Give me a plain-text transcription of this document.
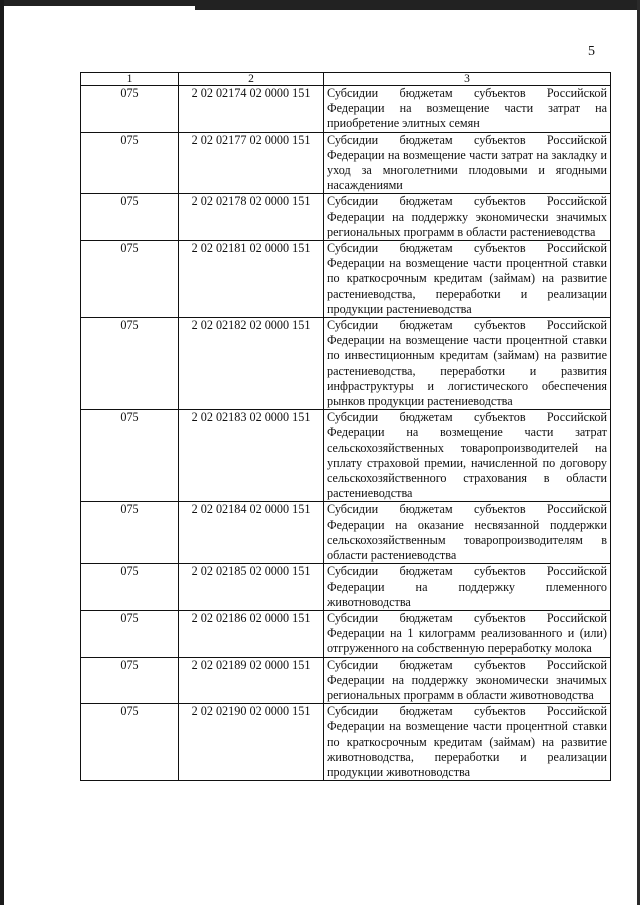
5
1	2	3
075	2 02 02174 02 0000 151	Субсидии бюджетам субъектов Российской Федерации на возмещение части затрат на приобретение элитных семян
075	2 02 02177 02 0000 151	Субсидии бюджетам субъектов Российской Федерации на возмещение части затрат на закладку и уход за многолетними плодовыми и ягодными насаждениями
075	2 02 02178 02 0000 151	Субсидии бюджетам субъектов Российской Федерации на поддержку экономически значимых региональных программ в области растениеводства
075	2 02 02181 02 0000 151	Субсидии бюджетам субъектов Российской Федерации на возмещение части процентной ставки по краткосрочным кредитам (займам) на развитие растениеводства, переработки и реализации продукции растениеводства
075	2 02 02182 02 0000 151	Субсидии бюджетам субъектов Российской Федерации на возмещение части процентной ставки по инвестиционным кредитам (займам) на развитие растениеводства, переработки и развития инфраструктуры и логистического обеспечения рынков продукции растениеводства
075	2 02 02183 02 0000 151	Субсидии бюджетам субъектов Российской Федерации на возмещение части затрат сельскохозяйственных товаропроизводителей на уплату страховой премии, начисленной по договору сельскохозяйственного страхования в области растениеводства
075	2 02 02184 02 0000 151	Субсидии бюджетам субъектов Российской Федерации на оказание несвязанной поддержки сельскохозяйственным товаропроизводителям в области растениеводства
075	2 02 02185 02 0000 151	Субсидии бюджетам субъектов Российской Федерации на поддержку племенного животноводства
075	2 02 02186 02 0000 151	Субсидии бюджетам субъектов Российской Федерации на 1 килограмм реализованного и (или) отгруженного на собственную переработку молока
075	2 02 02189 02 0000 151	Субсидии бюджетам субъектов Российской Федерации на поддержку экономически значимых региональных программ в области животноводства
075	2 02 02190 02 0000 151	Субсидии бюджетам субъектов Российской Федерации на возмещение части процентной ставки по краткосрочным кредитам (займам) на развитие животноводства, переработки и реализации продукции животноводства
